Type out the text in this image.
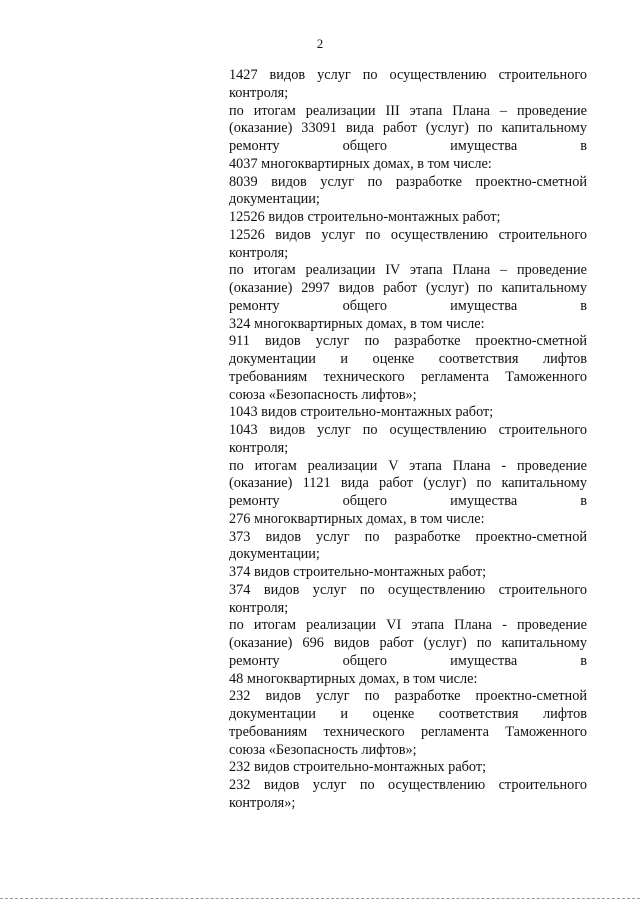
2
1427 видов услуг по осуществлению строительного
контроля;
по итогам реализации III этапа Плана – проведение
(оказание) 33091 вида работ (услуг) по капитальному
ремонту общего имущества в
4037 многоквартирных домах, в том числе:
8039 видов услуг по разработке проектно-сметной
документации;
12526 видов строительно-монтажных работ;
12526 видов услуг по осуществлению строительного
контроля;
по итогам реализации IV этапа Плана – проведение
(оказание) 2997 видов работ (услуг) по капитальному
ремонту общего имущества в
324 многоквартирных домах, в том числе:
911 видов услуг по разработке проектно-сметной
документации и оценке соответствия лифтов
требованиям технического регламента Таможенного
союза «Безопасность лифтов»;
1043 видов строительно-монтажных работ;
1043 видов услуг по осуществлению строительного
контроля;
по итогам реализации V этапа Плана - проведение
(оказание) 1121 вида работ (услуг) по капитальному
ремонту общего имущества в
276 многоквартирных домах, в том числе:
373 видов услуг по разработке проектно-сметной
документации;
374 видов строительно-монтажных работ;
374 видов услуг по осуществлению строительного
контроля;
по итогам реализации VI этапа Плана - проведение
(оказание) 696 видов работ (услуг) по капитальному
ремонту общего имущества в
48 многоквартирных домах, в том числе:
232 видов услуг по разработке проектно-сметной
документации и оценке соответствия лифтов
требованиям технического регламента Таможенного
союза «Безопасность лифтов»;
232 видов строительно-монтажных работ;
232 видов услуг по осуществлению строительного
контроля»;
